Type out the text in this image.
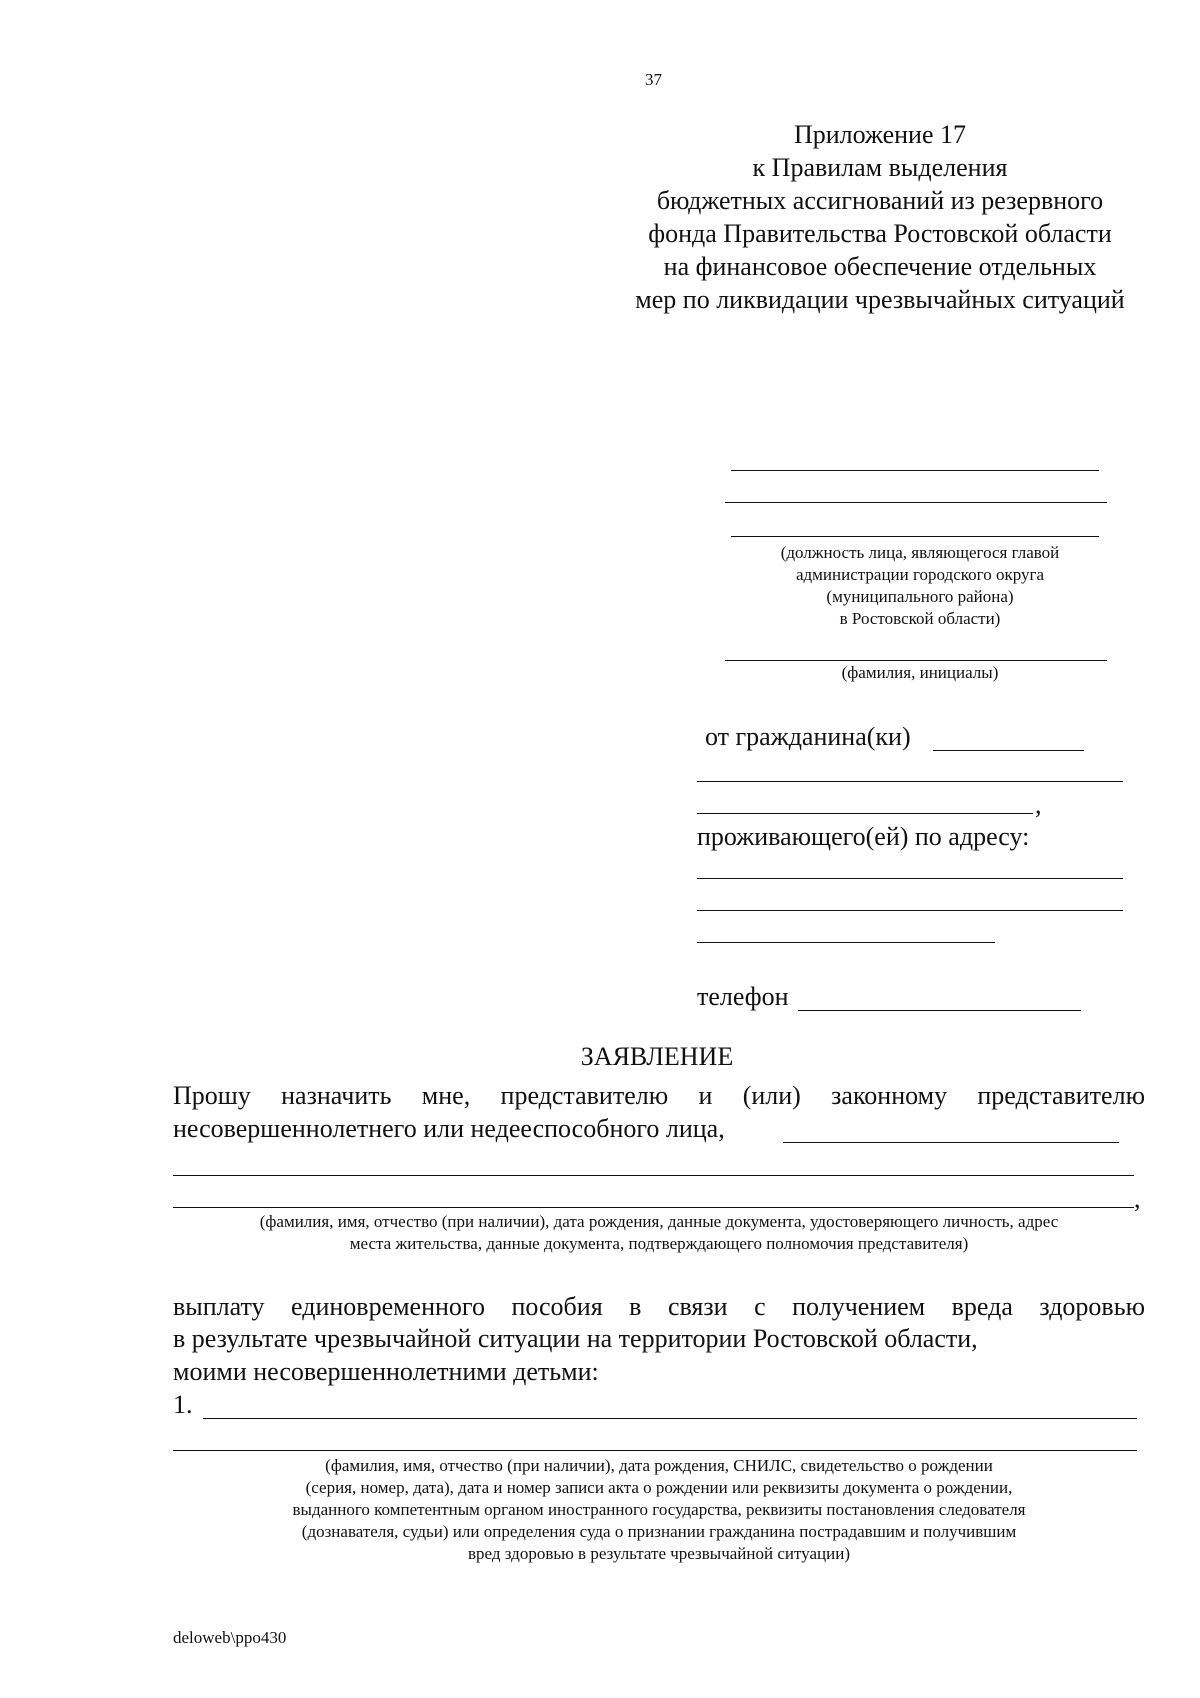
37
Приложение 17
к Правилам выделения
бюджетных ассигнований из резервного
фонда Правительства Ростовской области
на финансовое обеспечение отдельных
мер по ликвидации чрезвычайных ситуаций
(должность лица, являющегося главой
администрации городского округа
(муниципального района)
в Ростовской области)
(фамилия, инициалы)
от гражданина(ки)
,
проживающего(ей) по адресу:
телефон
ЗАЯВЛЕНИЕ
Прошу назначить мне, представителю и (или) законному представителю
несовершеннолетнего или недееспособного лица,
,
(фамилия, имя, отчество (при наличии), дата рождения, данные документа, удостоверяющего личность, адрес
места жительства, данные документа, подтверждающего полномочия представителя)
выплату единовременного пособия в связи с получением вреда здоровью
в результате чрезвычайной ситуации на территории Ростовской области,
моими несовершеннолетними детьми:
1.
(фамилия, имя, отчество (при наличии), дата рождения, СНИЛС, свидетельство о рождении
(серия, номер, дата), дата и номер записи акта о рождении или реквизиты документа о рождении,
выданного компетентным органом иностранного государства, реквизиты постановления следователя
(дознавателя, судьи) или определения суда о признании гражданина пострадавшим и получившим
вред здоровью в результате чрезвычайной ситуации)
deloweb\ppo430
